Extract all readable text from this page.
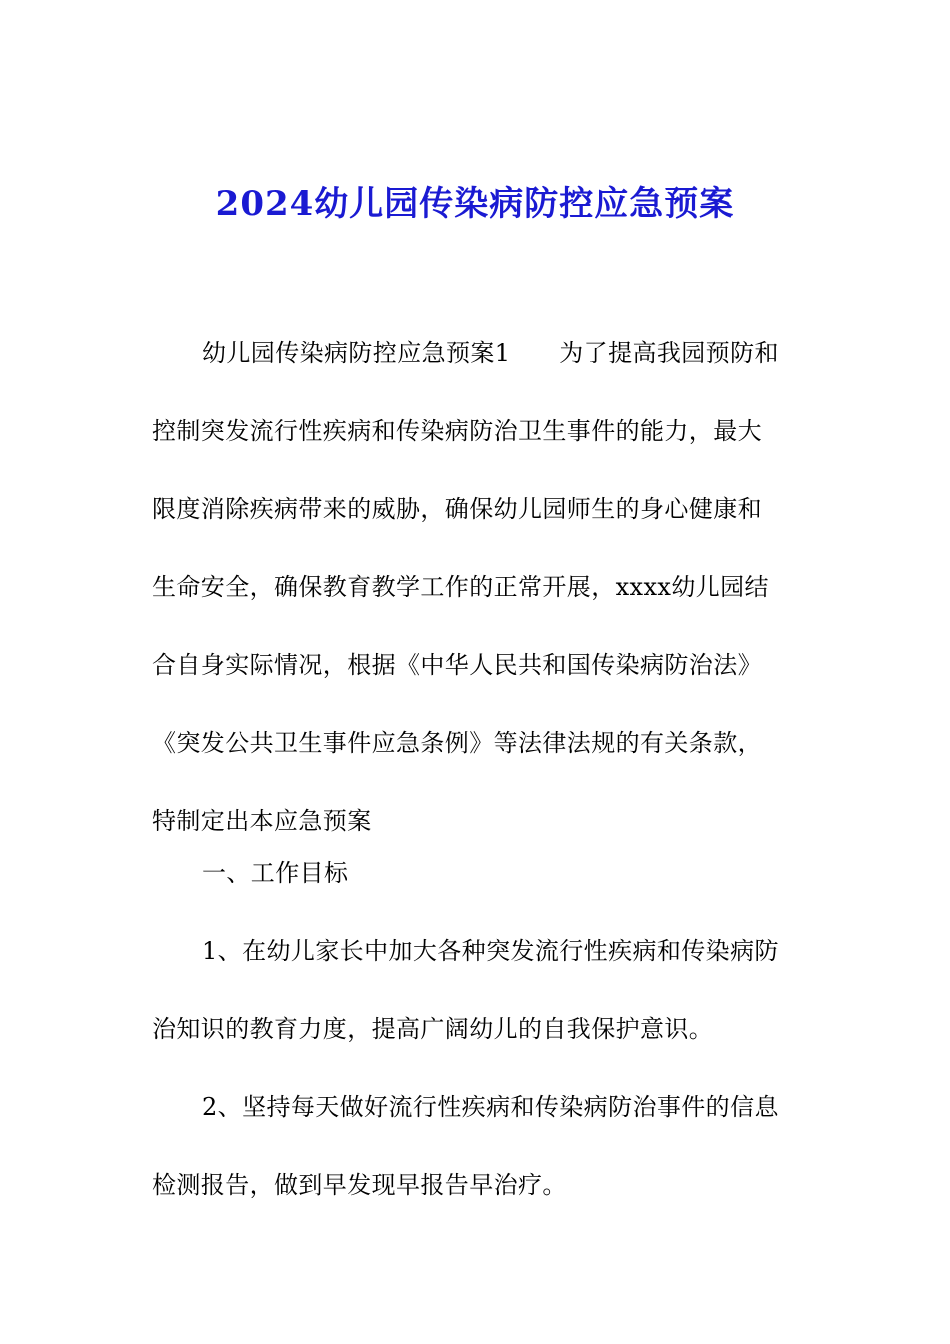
2024幼儿园传染病防控应急预案
幼儿园传染病防控应急预案1　　为了提高我园预防和
控制突发流行性疾病和传染病防治卫生事件的能力，最大
限度消除疾病带来的威胁，确保幼儿园师生的身心健康和
生命安全，确保教育教学工作的正常开展，xxxx幼儿园结
合自身实际情况，根据《中华人民共和国传染病防治法》
《突发公共卫生事件应急条例》等法律法规的有关条款，
特制定出本应急预案
一、工作目标
1、在幼儿家长中加大各种突发流行性疾病和传染病防
治知识的教育力度，提高广阔幼儿的自我保护意识。
2、坚持每天做好流行性疾病和传染病防治事件的信息
检测报告，做到早发现早报告早治疗。
